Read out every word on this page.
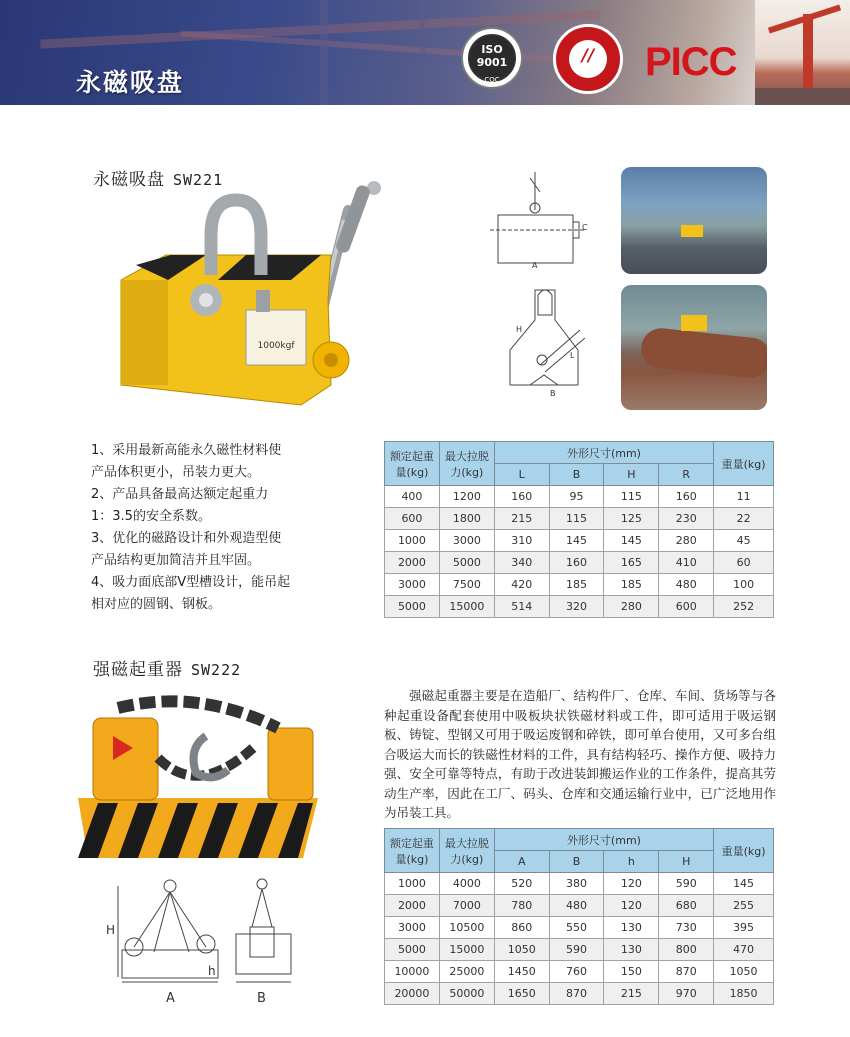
永磁吸盘
ISO
9001
CQC
//	PICC
永磁吸盘 SW221
1000kgf
C
A
H
L
B

1、采用最新高能永久磁性材料使

产品体积更小，吊装力更大。

2、产品具备最高达额定起重力

1：3.5的安全系数。

3、优化的磁路设计和外观造型使

产品结构更加简洁并且牢固。

4、吸力面底部V型槽设计，能吊起

相对应的圆钢、钢板。

额定起重量(kg)	最大拉脱力(kg)	外形尺寸(mm)				重量(kg)
		L	B	H	R	
400	1200	160	95	115	160	11
600	1800	215	115	125	230	22
1000	3000	310	145	145	280	45
2000	5000	340	160	165	410	60
3000	7500	420	185	185	480	100
5000	15000	514	320	280	600	252
强磁起重器 SW222
H
h
A	B
强磁起重器主要是在造船厂、结构件厂、仓库、车间、货场等与各种起重设备配套使用中吸板块状铁磁材料或工件，即可适用于吸运钢板、铸锭、型钢又可用于吸运废钢和碎铁，即可单台使用，又可多台组合吸运大而长的铁磁性材料的工件，具有结构轻巧、操作方便、吸持力强、安全可靠等特点，有助于改进装卸搬运作业的工作条件，提高其劳动生产率，因此在工厂、码头、仓库和交通运输行业中，已广泛地用作为吊装工具。
额定起重量(kg)	最大拉脱力(kg)	外形尺寸(mm)				重量(kg)
		A	B	h	H	
1000	4000	520	380	120	590	145
2000	7000	780	480	120	680	255
3000	10500	860	550	130	730	395
5000	15000	1050	590	130	800	470
10000	25000	1450	760	150	870	1050
20000	50000	1650	870	215	970	1850
